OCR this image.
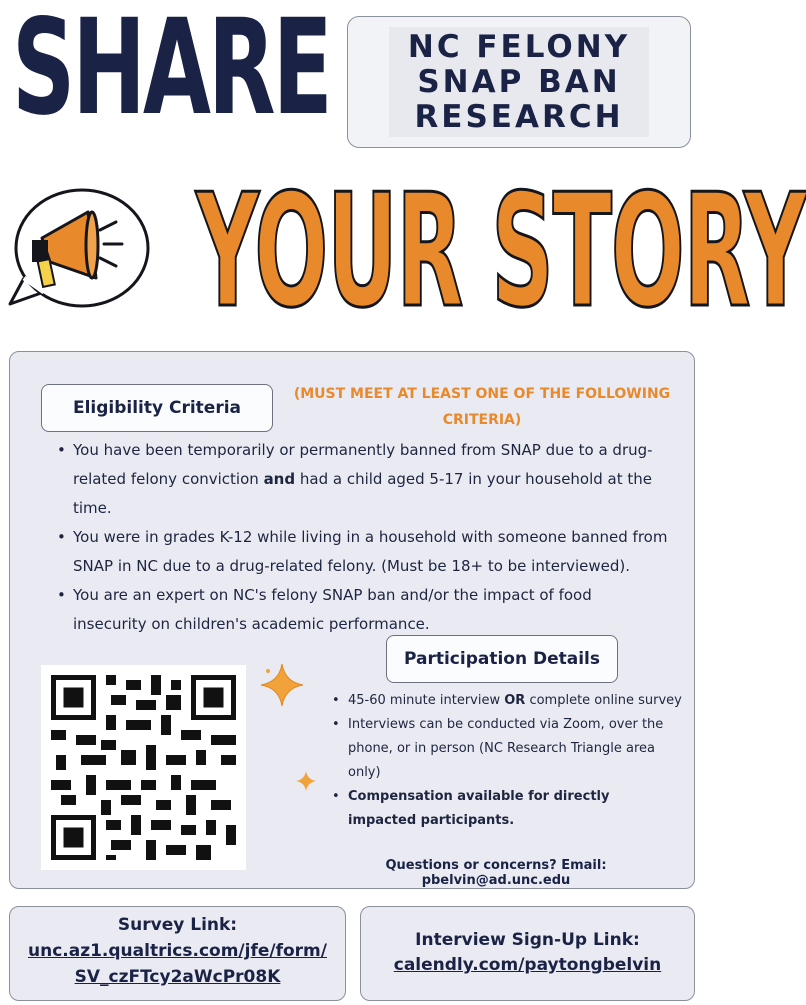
SHARE	NC FELONY
SNAP BAN
RESEARCH
YOUR STORY
Eligibility Criteria
(MUST MEET AT LEAST ONE OF THE FOLLOWING CRITERIA)
• You have been temporarily or permanently banned from SNAP due to a drug-related felony conviction and had a child aged 5-17 in your household at the time.
• You were in grades K-12 while living in a household with someone banned from SNAP in NC due to a drug-related felony. (Must be 18+ to be interviewed).
• You are an expert on NC's felony SNAP ban and/or the impact of food insecurity on children's academic performance.
Participation Details
• 45-60 minute interview OR complete online survey
• Interviews can be conducted via Zoom, over the phone, or in person (NC Research Triangle area only)
• Compensation available for directly impacted participants.
Questions or concerns? Email: pbelvin@ad.unc.edu
Survey Link:
unc.az1.qualtrics.com/jfe/form/
SV_czFTcy2aWcPr08K
Interview Sign-Up Link:
calendly.com/paytongbelvin
